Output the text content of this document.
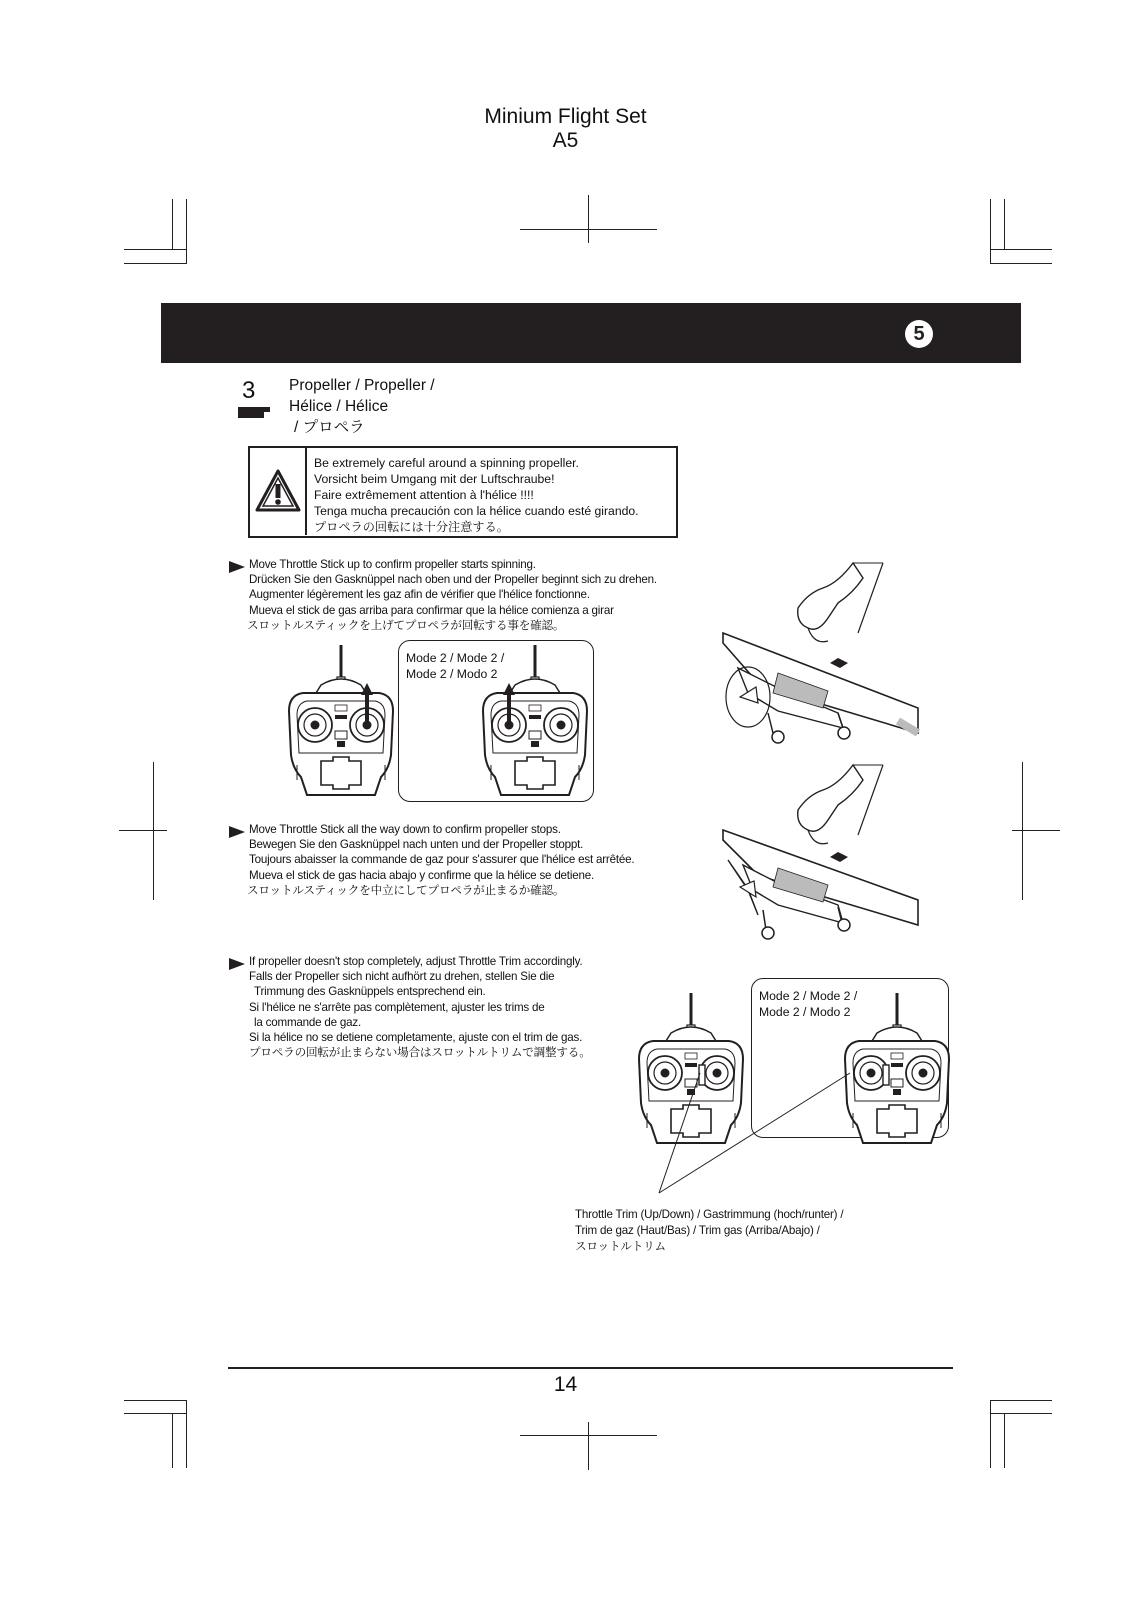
Minium Flight Set
A5
5
3 Propeller / Propeller /
Hélice / Hélice
/ プロペラ
Be extremely careful around a spinning propeller.
Vorsicht beim Umgang mit der Luftschraube!
Faire extrêmement attention à l'hélice !!!!
Tenga mucha precaución con la hélice cuando esté girando.
プロペラの回転には十分注意する。
Move Throttle Stick up to confirm propeller starts spinning.
Drücken Sie den Gasknüppel nach oben und der Propeller beginnt sich zu drehen.
Augmenter légèrement les gaz afin de vérifier que l'hélice fonctionne.
Mueva el stick de gas arriba para confirmar que la hélice comienza a girar
スロットルスティックを上げてプロペラが回転する事を確認。
Move Throttle Stick all the way down to confirm propeller stops.
Bewegen Sie den Gasknüppel nach unten und der Propeller stoppt.
Toujours abaisser la commande de gaz pour s'assurer que l'hélice est arrêtée.
Mueva el stick de gas hacia abajo y confirme que la hélice se detiene.
スロットルスティックを中立にしてプロペラが止まるか確認。
If propeller doesn't stop completely, adjust Throttle Trim accordingly.
Falls der Propeller sich nicht aufhört zu drehen, stellen Sie die
Trimmung des Gasknüppels entsprechend ein.
Si l'hélice ne s'arrête pas complètement, ajuster les trims de
la commande de gaz.
Si la hélice no se detiene completamente, ajuste con el trim de gas.
プロペラの回転が止まらない場合はスロットルトリムで調整する。
Mode 2 / Mode 2 /
Mode 2 / Modo 2
Mode 2 / Mode 2 /
Mode 2 / Modo 2
Throttle Trim (Up/Down) / Gastrimmung (hoch/runter) /
Trim de gaz (Haut/Bas) / Trim gas (Arriba/Abajo) /
スロットルトリム
14
